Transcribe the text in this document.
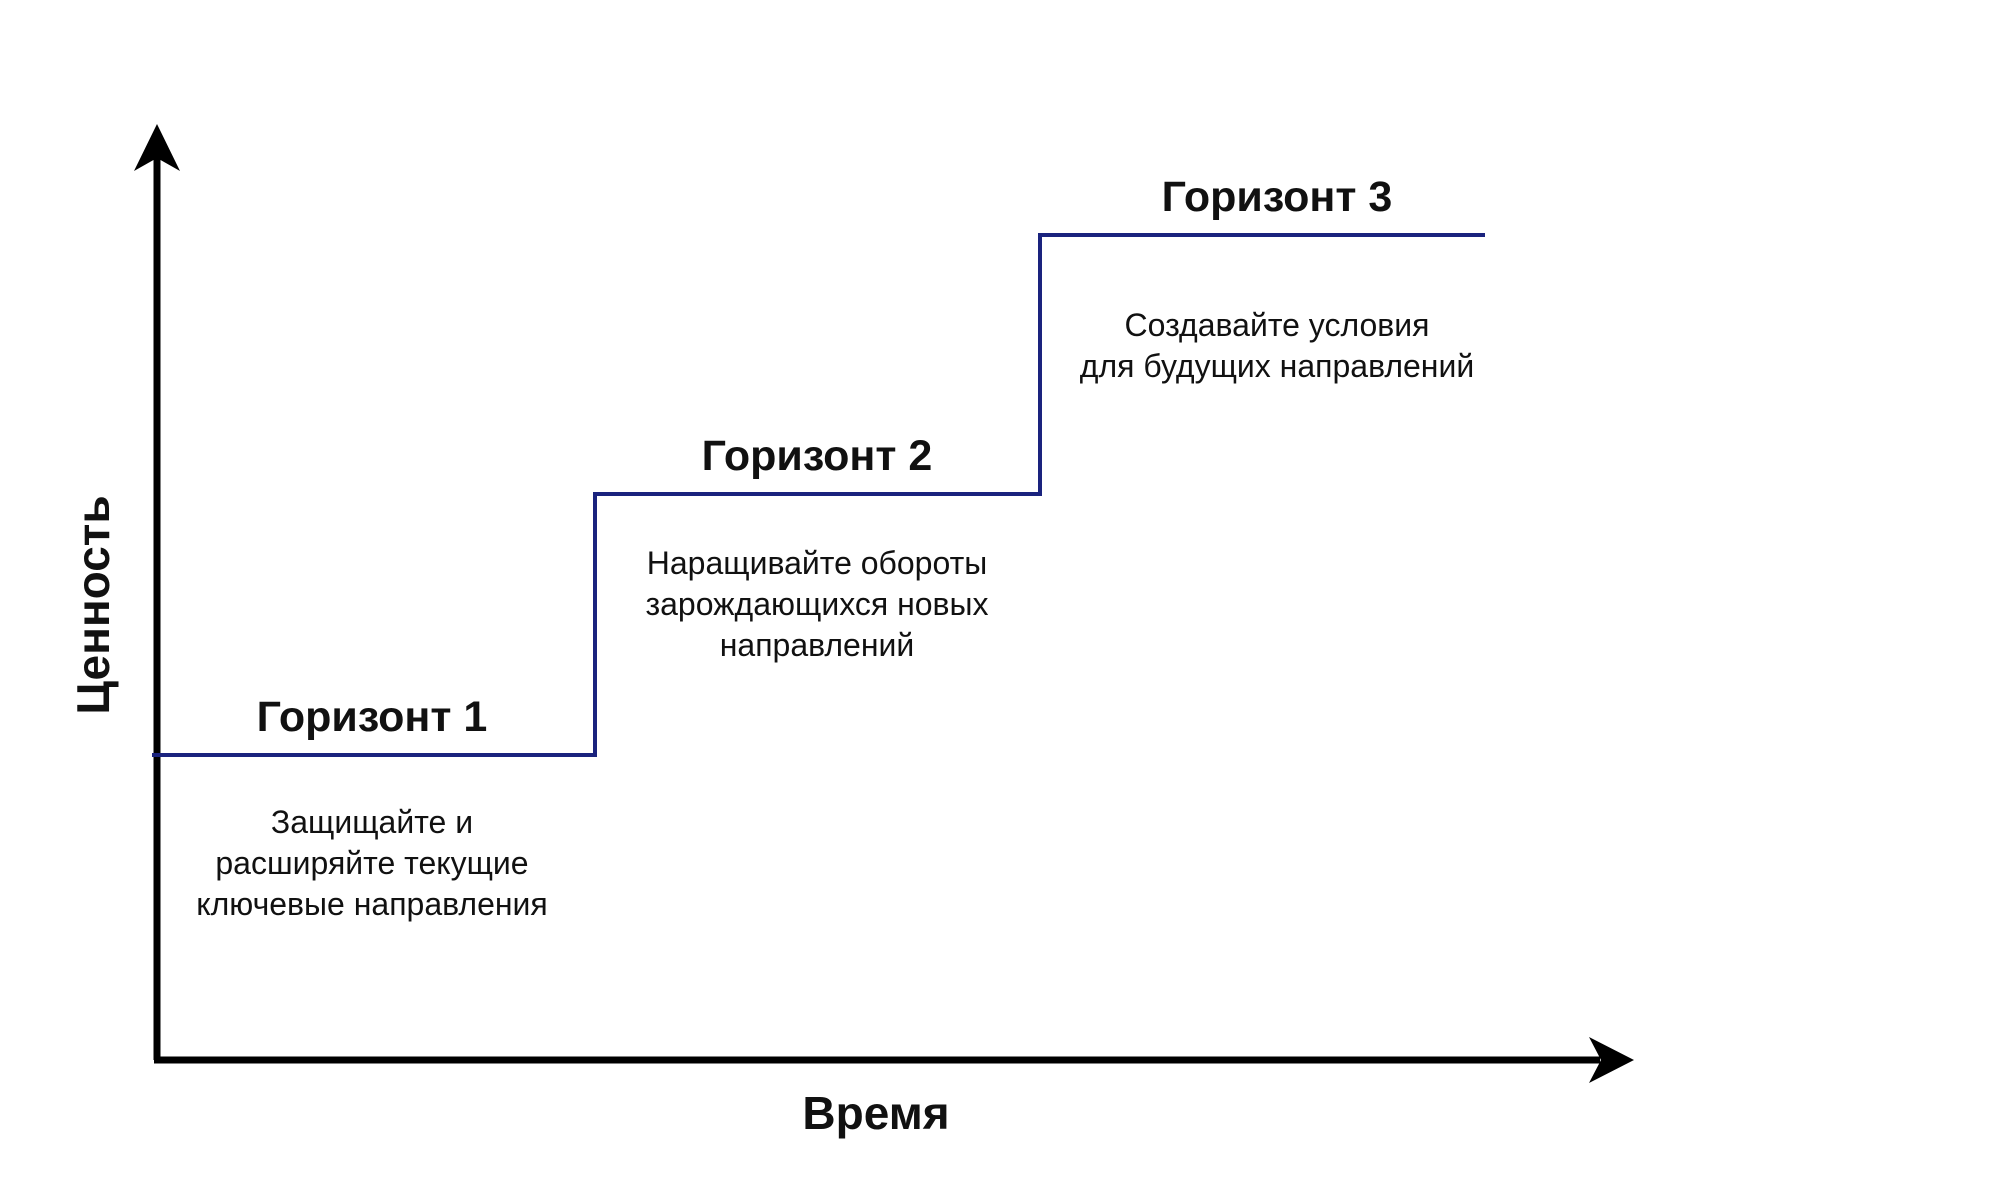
Ценность
Время
Горизонт 1
Защищайте и
расширяйте текущие
ключевые направления
Горизонт 2
Наращивайте обороты
зарождающихся новых
направлений
Горизонт 3
Создавайте условия
для будущих направлений
